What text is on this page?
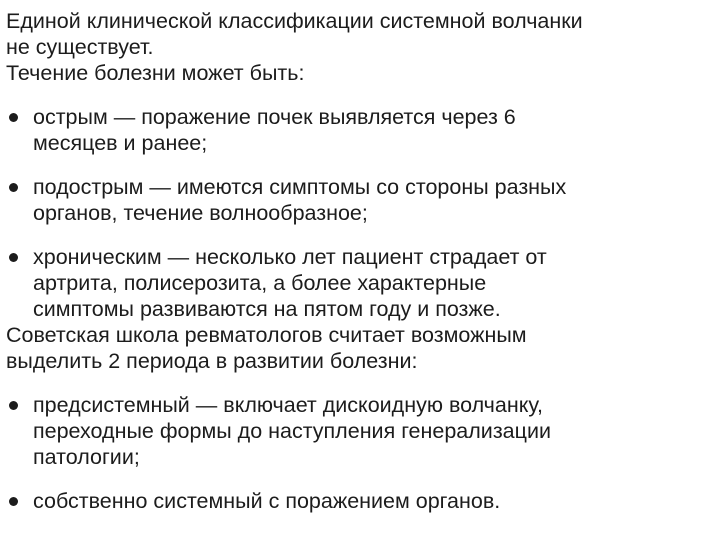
Единой клинической классификации системной волчанки
не существует.
Течение болезни может быть:

острым — поражение почек выявляется через 6
месяцев и ранее;
подострым — имеются симптомы со стороны разных
органов, течение волнообразное;
хроническим — несколько лет пациент страдает от
артрита, полисерозита, а более характерные
симптомы развиваются на пятом году и позже.

Советская школа ревматологов считает возможным
выделить 2 периода в развитии болезни:

предсистемный — включает дискоидную волчанку,
переходные формы до наступления генерализации
патологии;
собственно системный с поражением органов.
